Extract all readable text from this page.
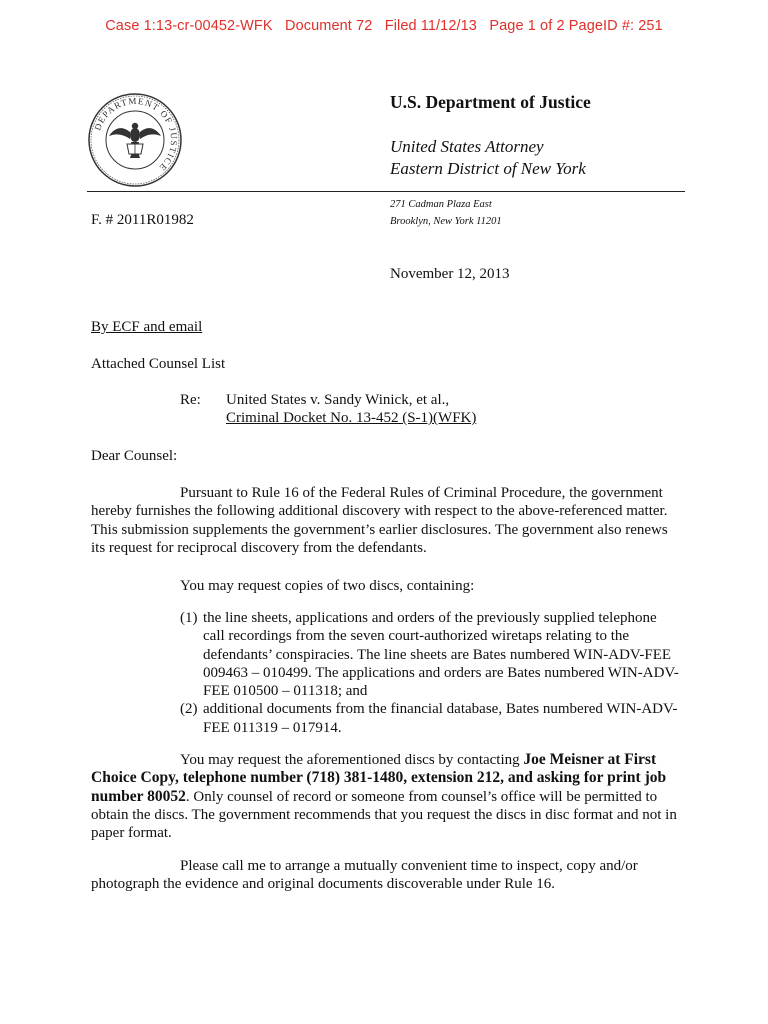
Case 1:13-cr-00452-WFK   Document 72   Filed 11/12/13   Page 1 of 2 PageID #: 251
DEPARTMENT OF JUSTICE
U.S. Department of Justice
United States Attorney
Eastern District of New York
271 Cadman Plaza East
Brooklyn, New York 11201
F. # 2011R01982
November 12, 2013
By ECF and email
Attached Counsel List
Re: United States v. Sandy Winick, et al.,
Criminal Docket No. 13-452 (S-1)(WFK)
Dear Counsel:
Pursuant to Rule 16 of the Federal Rules of Criminal Procedure, the government hereby furnishes the following additional discovery with respect to the above-referenced matter. This submission supplements the government’s earlier disclosures. The government also renews its request for reciprocal discovery from the defendants.
You may request copies of two discs, containing:
(1) the line sheets, applications and orders of the previously supplied telephone call recordings from the seven court-authorized wiretaps relating to the defendants’ conspiracies. The line sheets are Bates numbered WIN-ADV-FEE 009463 – 010499. The applications and orders are Bates numbered WIN-ADV-FEE 010500 – 011318; and
(2) additional documents from the financial database, Bates numbered WIN-ADV-FEE 011319 – 017914.
You may request the aforementioned discs by contacting Joe Meisner at First Choice Copy, telephone number (718) 381-1480, extension 212, and asking for print job number 80052. Only counsel of record or someone from counsel’s office will be permitted to obtain the discs. The government recommends that you request the discs in disc format and not in paper format.
Please call me to arrange a mutually convenient time to inspect, copy and/or photograph the evidence and original documents discoverable under Rule 16.
